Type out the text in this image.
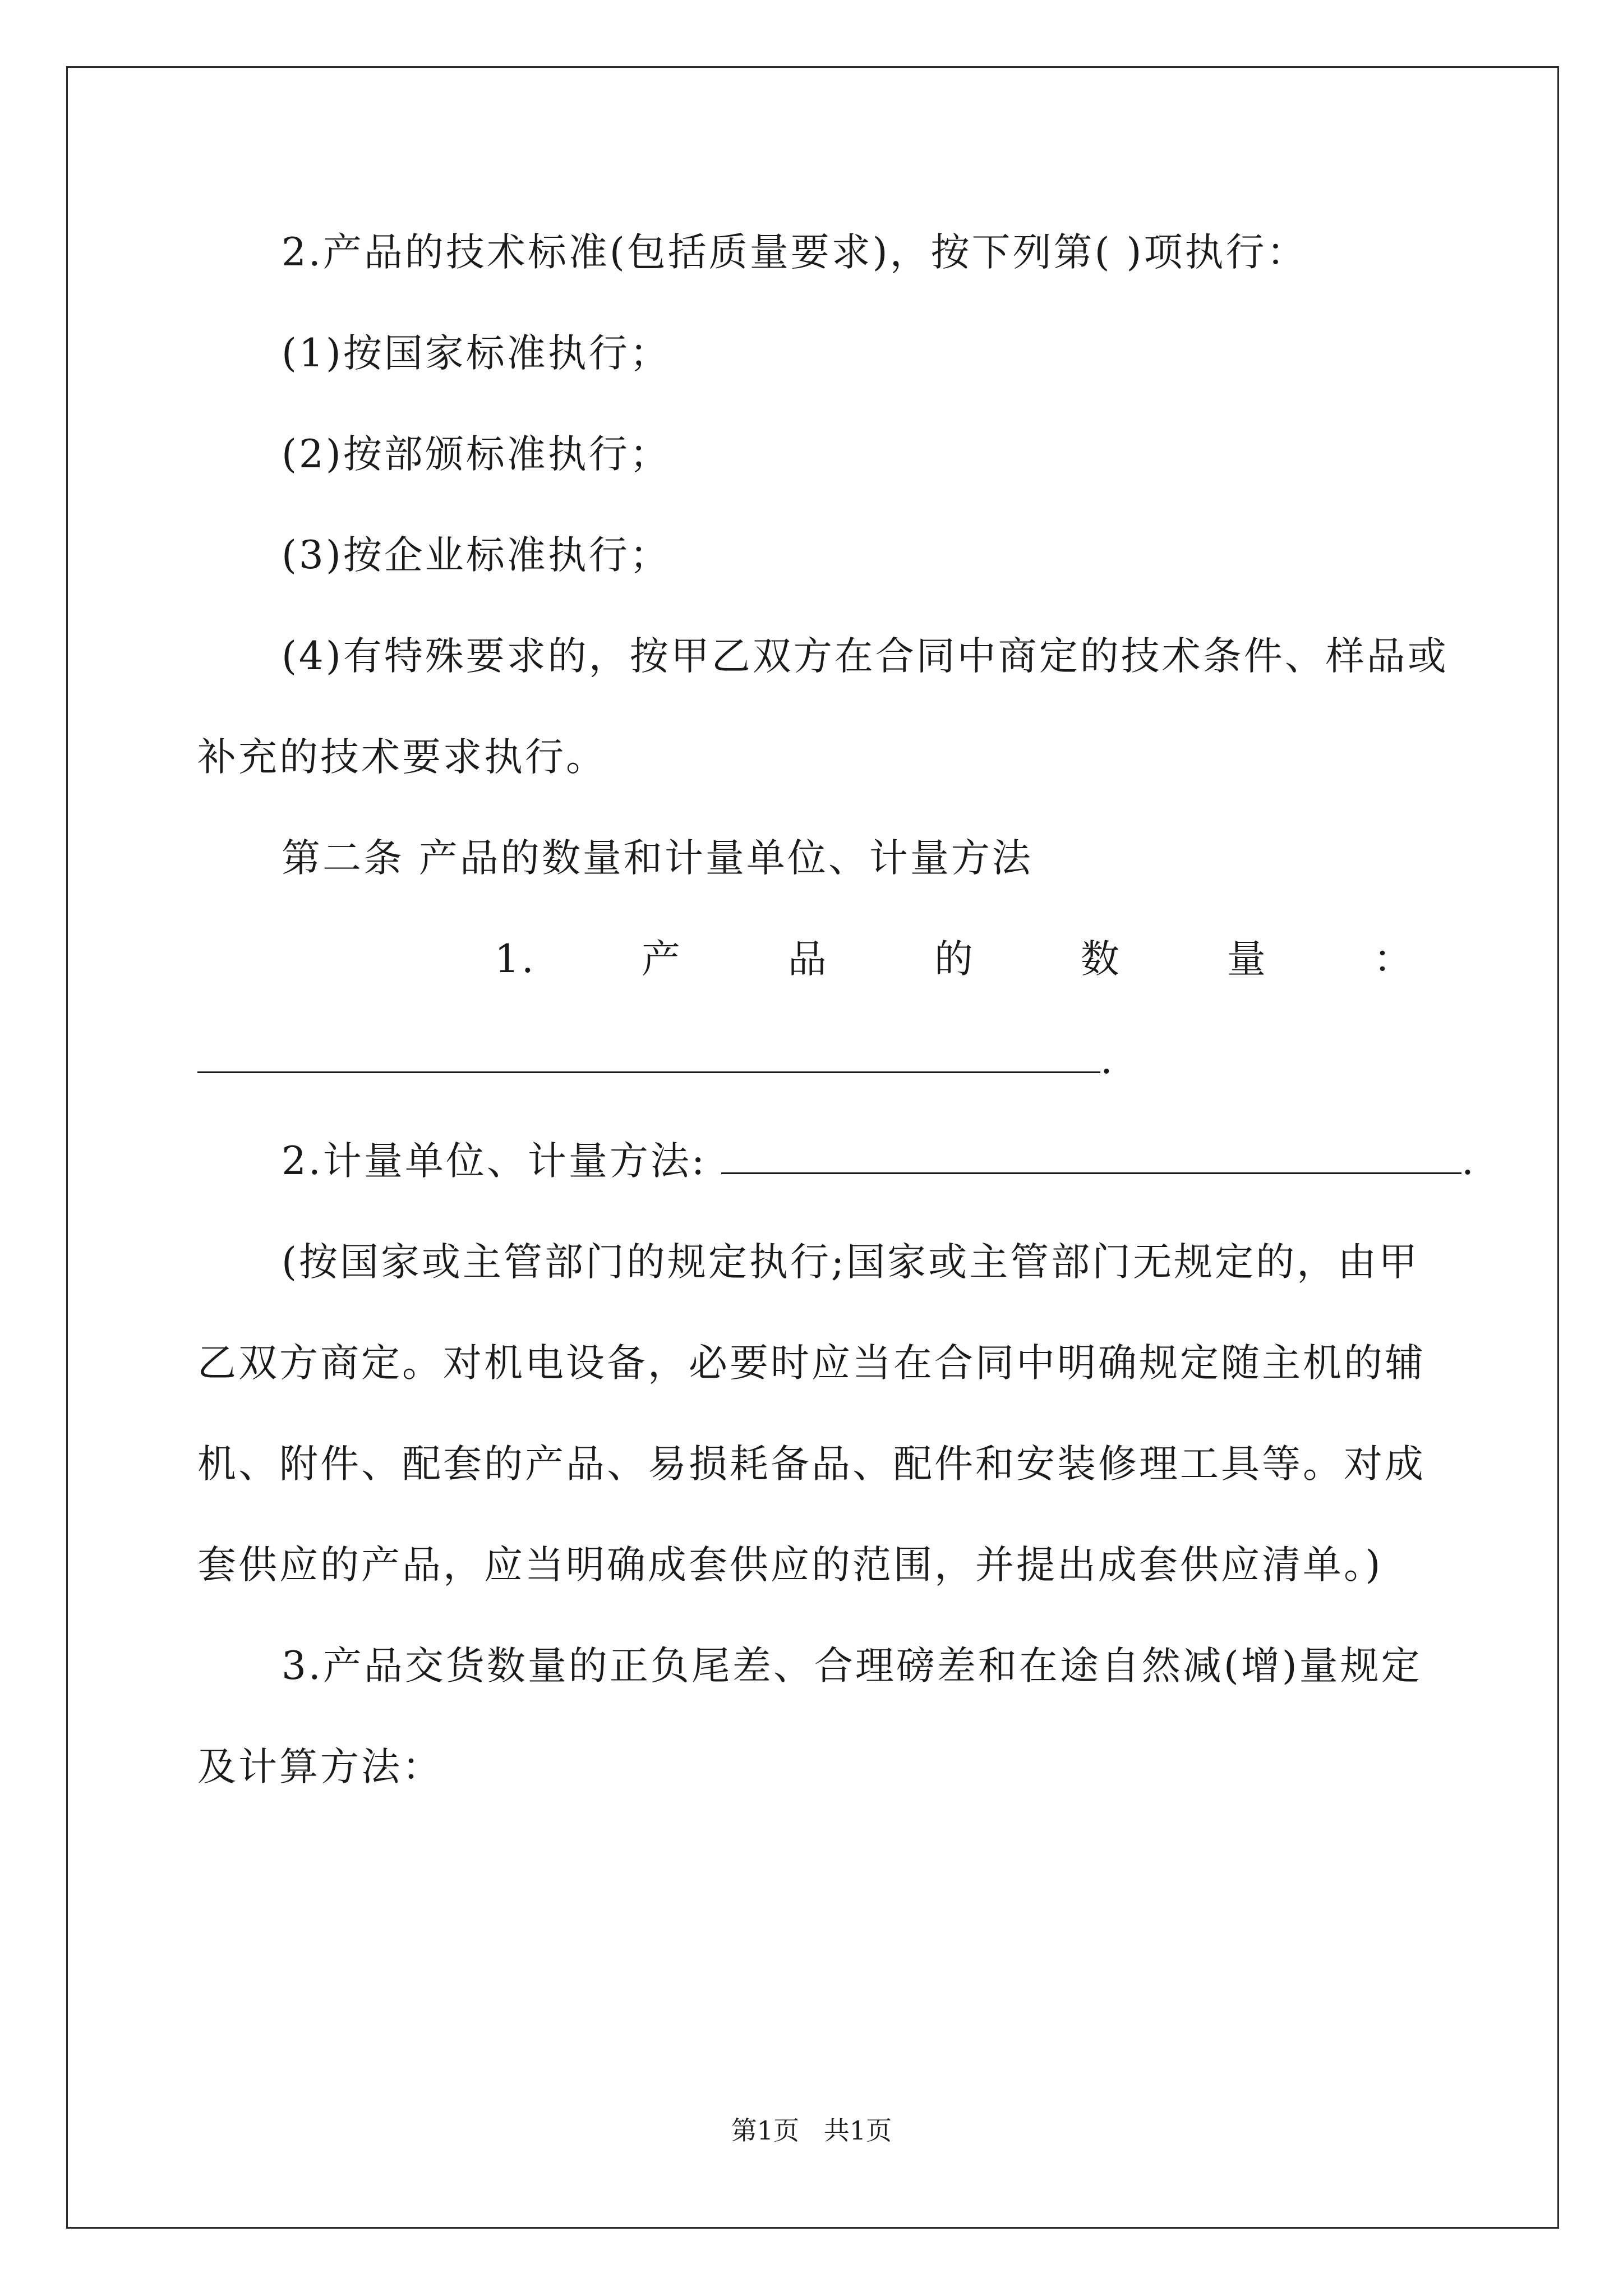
2.产品的技术标准(包括质量要求)，按下列第( )项执行：
(1)按国家标准执行；
(2)按部颁标准执行；
(3)按企业标准执行；
(4)有特殊要求的，按甲乙双方在合同中商定的技术条件、样品或
补充的技术要求执行。
第二条 产品的数量和计量单位、计量方法
1.	产	品	的	数	量	：
.
2.计量单位、计量方法:	.
(按国家或主管部门的规定执行;国家或主管部门无规定的，由甲
乙双方商定。对机电设备，必要时应当在合同中明确规定随主机的辅
机、附件、配套的产品、易损耗备品、配件和安装修理工具等。对成
套供应的产品，应当明确成套供应的范围，并提出成套供应清单。)
3.产品交货数量的正负尾差、合理磅差和在途自然减(增)量规定
及计算方法：
第1页   共1页
